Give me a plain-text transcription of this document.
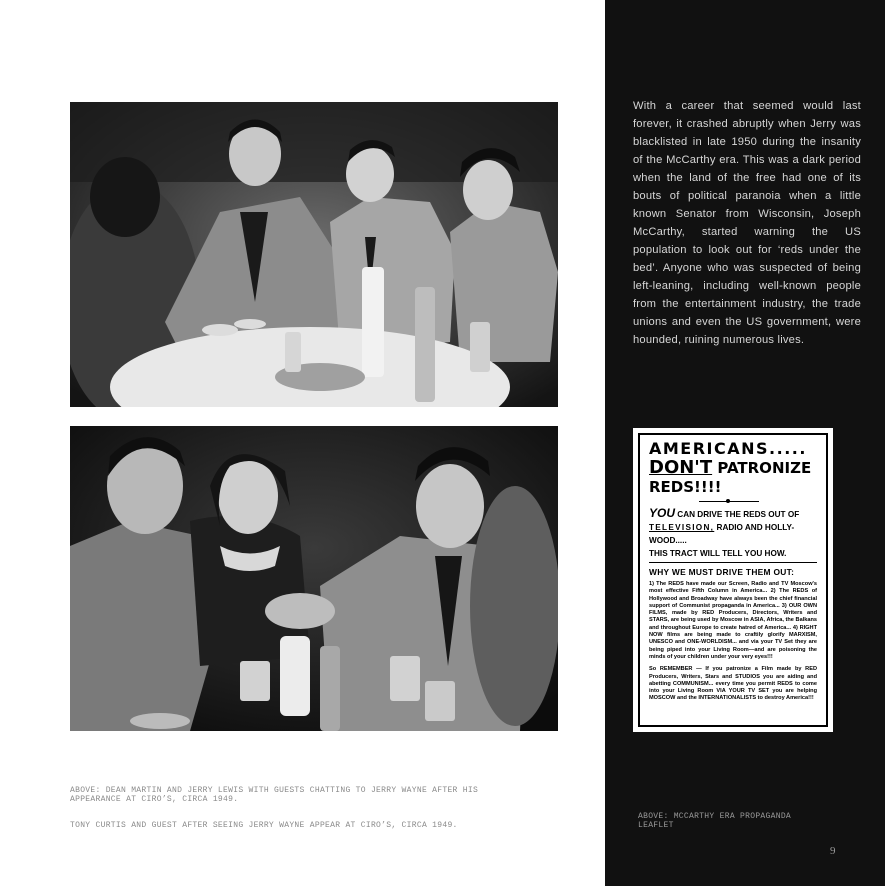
ABOVE: DEAN MARTIN AND JERRY LEWIS WITH GUESTS CHATTING TO JERRY WAYNE AFTER HIS APPEARANCE AT CIRO’S, CIRCA 1949.
TONY CURTIS AND GUEST AFTER SEEING JERRY WAYNE APPEAR AT CIRO’S, CIRCA 1949.
With a career that seemed would last forever, it crashed abruptly when Jerry was blacklisted in late 1950 during the insanity of the McCarthy era. This was a dark period when the land of the free had one of its bouts of political paranoia when a little known Senator from Wisconsin, Joseph McCarthy, started warning the US population to look out for ‘reds under the bed’. Anyone who was suspected of being left-leaning, including well-known people from the entertainment industry, the trade unions and even the US government, were hounded, ruining numerous lives.
AMERICANS.....
DON'T PATRONIZE REDS!!!!
YOU CAN DRIVE THE REDS OUT OF TELEVISION, RADIO AND HOLLY-WOOD.....
THIS TRACT WILL TELL YOU HOW.
WHY WE MUST DRIVE THEM OUT:
1) The REDS have made our Screen, Radio and TV Moscow's most effective Fifth Column in America... 2) The REDS of Hollywood and Broadway have always been the chief financial support of Communist propaganda in America... 3) OUR OWN FILMS, made by RED Producers, Directors, Writers and STARS, are being used by Moscow in ASIA, Africa, the Balkans and throughout Europe to create hatred of America... 4) RIGHT NOW films are being made to craftily glorify MARXISM, UNESCO and ONE-WORLDISM... and via your TV Set they are being piped into your Living Room—and are poisoning the minds of your children under your very eyes!!!
So REMEMBER — If you patronize a Film made by RED Producers, Writers, Stars and STUDIOS you are aiding and abetting COMMUNISM... every time you permit REDS to come into your Living Room VIA YOUR TV SET you are helping MOSCOW and the INTERNATIONALISTS to destroy America!!!
ABOVE: MCCARTHY ERA PROPAGANDA LEAFLET
9
